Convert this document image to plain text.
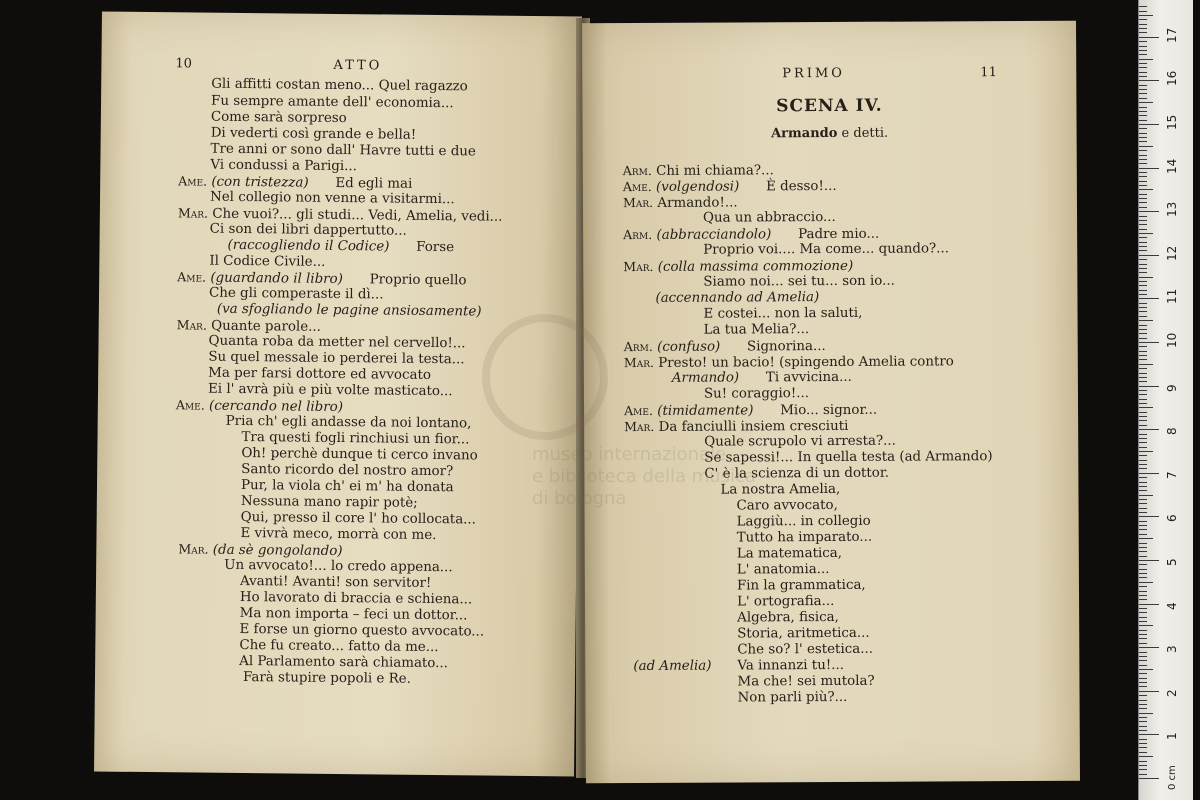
10	ATTO
Gli affitti costan meno... Quel ragazzo
Fu sempre amante dell' economia...
Come sarà sorpreso
Di vederti così grande e bella!
Tre anni or sono dall' Havre tutti e due
Vi condussi a Parigi...
Ame. (con tristezza)   Ed egli mai
Nel collegio non venne a visitarmi...
Mar. Che vuoi?... gli studi... Vedi, Amelia, vedi...
Ci son dei libri dappertutto...
(raccogliendo il Codice)   Forse
Il Codice Civile...
Ame. (guardando il libro)   Proprio quello
Che gli comperaste il dì...
(va sfogliando le pagine ansiosamente)  
Mar. Quante parole...
Quanta roba da metter nel cervello!...
Su quel messale io perderei la testa...
Ma per farsi dottore ed avvocato
Ei l' avrà più e più volte masticato...
Ame. (cercando nel libro)  
Pria ch' egli andasse da noi lontano,
Tra questi fogli rinchiusi un fior...
Oh! perchè dunque ti cerco invano
Santo ricordo del nostro amor?
Pur, la viola ch' ei m' ha donata
Nessuna mano rapir potè;
Qui, presso il core l' ho collocata...
E vivrà meco, morrà con me.
Mar. (da sè gongolando)  
Un avvocato!... lo credo appena...
Avanti! Avanti! son servitor!
Ho lavorato di braccia e schiena...
Ma non importa – feci un dottor...
E forse un giorno questo avvocato...
Che fu creato... fatto da me...
Al Parlamento sarà chiamato...
Farà stupire popoli e Re.
PRIMO	11
SCENA IV.
Armando e detti.
Arm. Chi mi chiama?...
Ame. (volgendosi)   È desso!...
Mar. Armando!...
Qua un abbraccio...
Arm. (abbracciandolo)   Padre mio...
Proprio voi.... Ma come... quando?...
Mar. (colla massima commozione)  
Siamo noi... sei tu... son io...
(accennando ad Amelia)  
E costei... non la saluti,
La tua Melia?...
Arm. (confuso)   Signorina...
Mar. Presto! un bacio! (spingendo Amelia contro
Armando)   Ti avvicina...
Su! coraggio!...
Ame. (timidamente)   Mio... signor...
Mar. Da fanciulli insiem cresciuti
Quale scrupolo vi arresta?...
Se sapessi!... In quella testa (ad Armando)
C' è la scienza di un dottor.
La nostra Amelia,
Caro avvocato,
Laggiù... in collegio
Tutto ha imparato...
La matematica,
L' anatomia...
Fin la grammatica,
L' ortografia...
Algebra, fisica,
Storia, aritmetica...
Che so? l' estetica...
(ad Amelia)  	Va innanzi tu!...
Ma che! sei mutola?
Non parli più?...
0 cm
1
2
3
4
5
6
7
8
9
10
11
12
13
14
15
16
17
